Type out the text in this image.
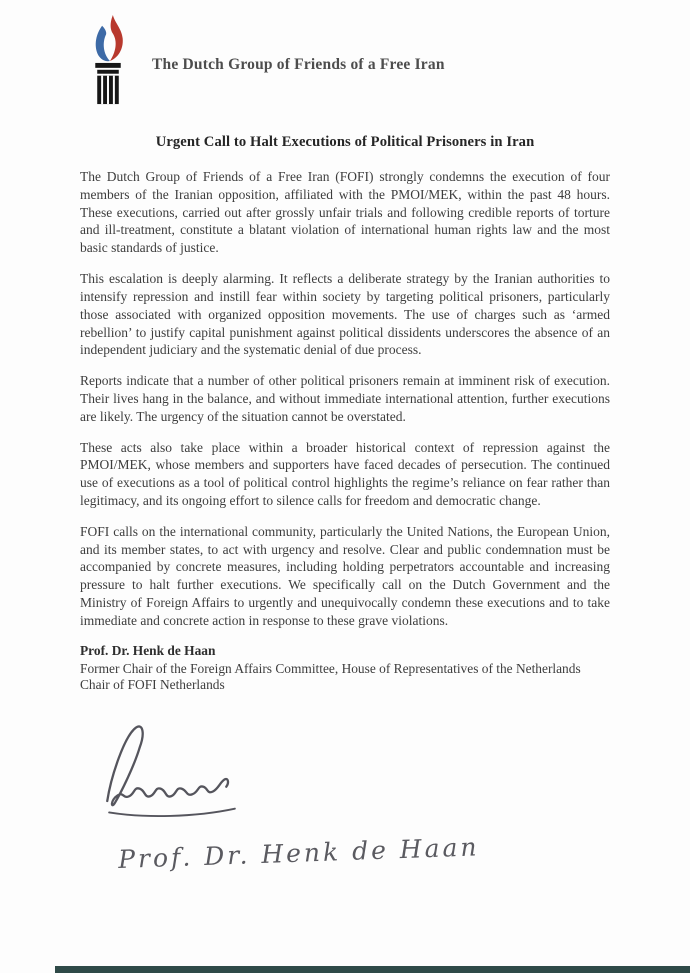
The Dutch Group of Friends of a Free Iran
Urgent Call to Halt Executions of Political Prisoners in Iran

The Dutch Group of Friends of a Free Iran (FOFI) strongly condemns the execution of four members of the Iranian opposition, affiliated with the PMOI/MEK, within the past 48 hours. These executions, carried out after grossly unfair trials and following credible reports of torture and ill-treatment, constitute a blatant violation of international human rights law and the most basic standards of justice.

This escalation is deeply alarming. It reflects a deliberate strategy by the Iranian authorities to intensify repression and instill fear within society by targeting political prisoners, particularly those associated with organized opposition movements. The use of charges such as ‘armed rebellion’ to justify capital punishment against political dissidents underscores the absence of an independent judiciary and the systematic denial of due process.

Reports indicate that a number of other political prisoners remain at imminent risk of execution. Their lives hang in the balance, and without immediate international attention, further executions are likely. The urgency of the situation cannot be overstated.

These acts also take place within a broader historical context of repression against the PMOI/MEK, whose members and supporters have faced decades of persecution. The continued use of executions as a tool of political control highlights the regime’s reliance on fear rather than legitimacy, and its ongoing effort to silence calls for freedom and democratic change.

FOFI calls on the international community, particularly the United Nations, the European Union, and its member states, to act with urgency and resolve. Clear and public condemnation must be accompanied by concrete measures, including holding perpetrators accountable and increasing pressure to halt further executions. We specifically call on the Dutch Government and the Ministry of Foreign Affairs to urgently and unequivocally condemn these executions and to take immediate and concrete action in response to these grave violations.

Prof. Dr. Henk de Haan
Former Chair of the Foreign Affairs Committee, House of Representatives of the Netherlands
Chair of FOFI Netherlands
Prof. Dr. Henk de Haan
